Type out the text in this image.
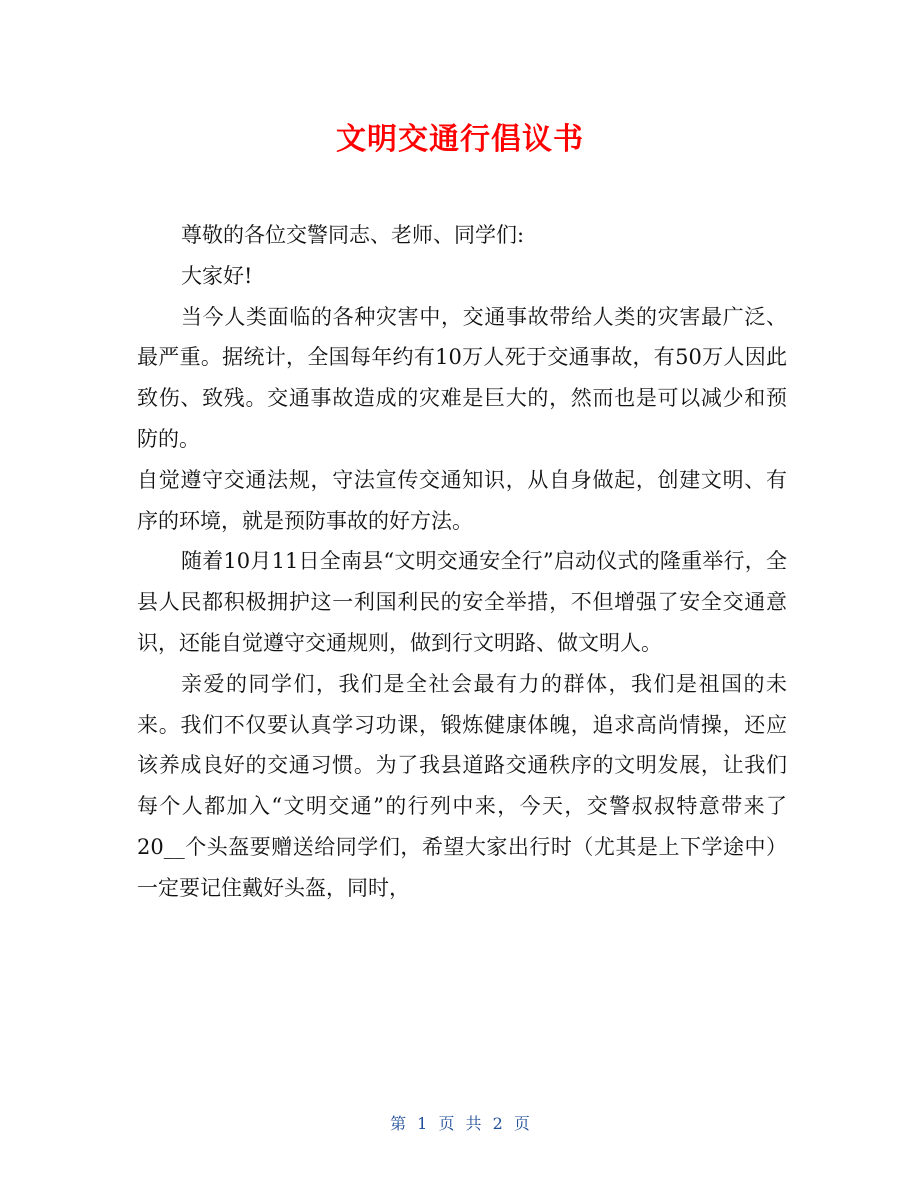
文明交通行倡议书

尊敬的各位交警同志、老师、同学们:

大家好!

当今人类面临的各种灾害中，交通事故带给人类的灾害最广泛、最严重。据统计，全国每年约有10万人死于交通事故，有50万人因此致伤、致残。交通事故造成的灾难是巨大的，然而也是可以减少和预防的。

自觉遵守交通法规，守法宣传交通知识，从自身做起，创建文明、有序的环境，就是预防事故的好方法。

随着10月11日全南县“文明交通安全行”启动仪式的隆重举行，全县人民都积极拥护这一利国利民的安全举措，不但增强了安全交通意识，还能自觉遵守交通规则，做到行文明路、做文明人。

亲爱的同学们，我们是全社会最有力的群体，我们是祖国的未来。我们不仅要认真学习功课，锻炼健康体魄，追求高尚情操，还应该养成良好的交通习惯。为了我县道路交通秩序的文明发展，让我们每个人都加入“文明交通”的行列中来，今天，交警叔叔特意带来了20__个头盔要赠送给同学们，希望大家出行时（尤其是上下学途中）一定要记住戴好头盔，同时，

第 1 页 共 2 页
